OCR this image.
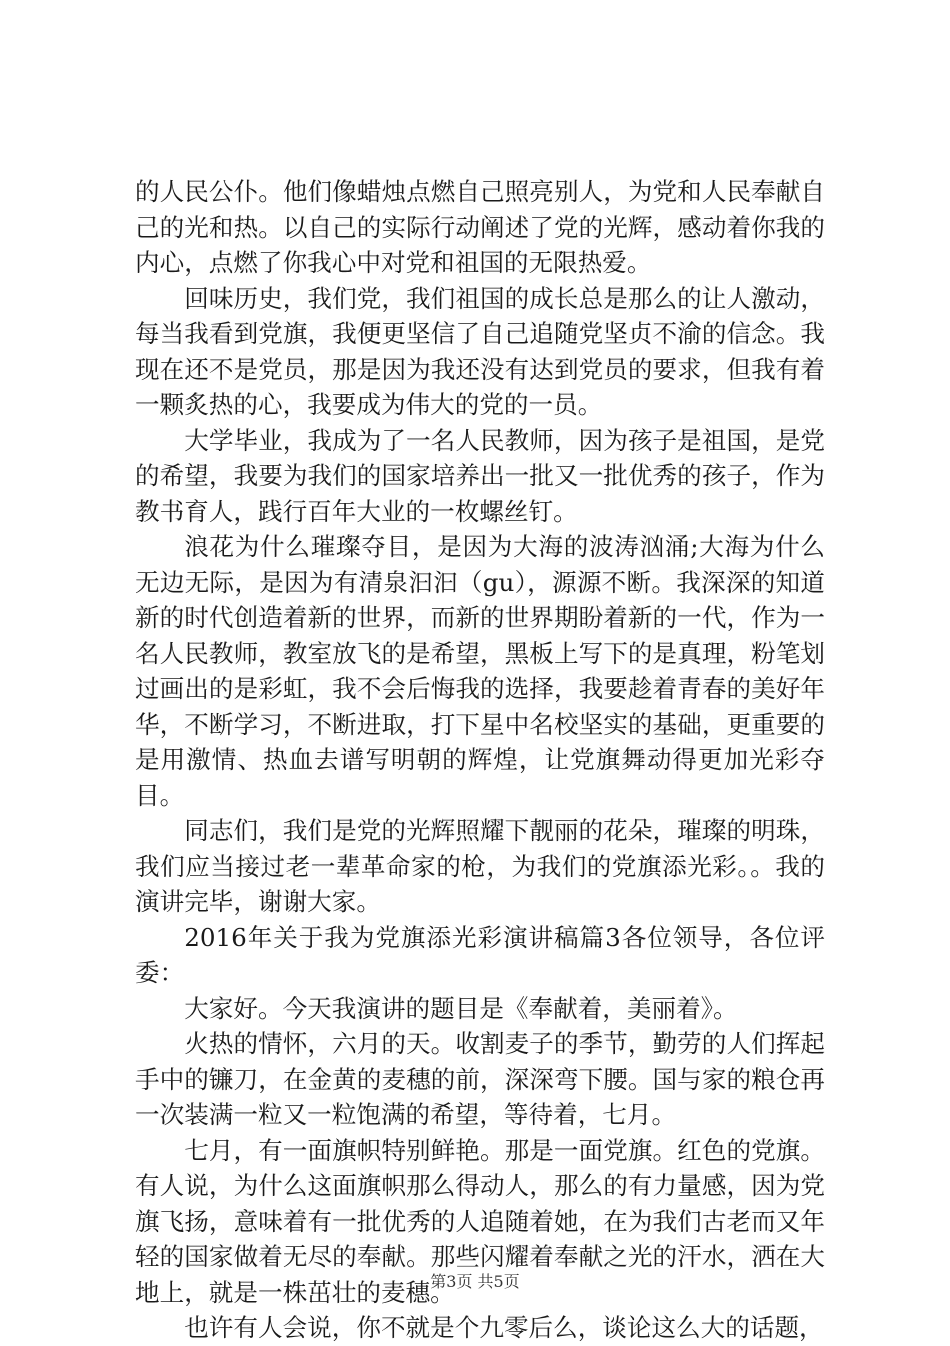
的人民公仆。他们像蜡烛点燃自己照亮别人，为党和人民奉献自己的光和热。以自己的实际行动阐述了党的光辉，感动着你我的内心，点燃了你我心中对党和祖国的无限热爱。

回味历史，我们党，我们祖国的成长总是那么的让人激动，每当我看到党旗，我便更坚信了自己追随党坚贞不渝的信念。我现在还不是党员，那是因为我还没有达到党员的要求，但我有着一颗炙热的心，我要成为伟大的党的一员。

大学毕业，我成为了一名人民教师，因为孩子是祖国，是党的希望，我要为我们的国家培养出一批又一批优秀的孩子，作为教书育人，践行百年大业的一枚螺丝钉。

浪花为什么璀璨夺目，是因为大海的波涛汹涌;大海为什么无边无际，是因为有清泉汩汩（gu），源源不断。我深深的知道新的时代创造着新的世界，而新的世界期盼着新的一代，作为一名人民教师，教室放飞的是希望，黑板上写下的是真理，粉笔划过画出的是彩虹，我不会后悔我的选择，我要趁着青春的美好年华，不断学习，不断进取，打下星中名校坚实的基础，更重要的是用激情、热血去谱写明朝的辉煌，让党旗舞动得更加光彩夺目。

同志们，我们是党的光辉照耀下靓丽的花朵，璀璨的明珠，我们应当接过老一辈革命家的枪，为我们的党旗添光彩。。我的演讲完毕，谢谢大家。

2016年关于我为党旗添光彩演讲稿篇3各位领导，各位评委：

大家好。今天我演讲的题目是《奉献着，美丽着》。

火热的情怀，六月的天。收割麦子的季节，勤劳的人们挥起手中的镰刀，在金黄的麦穗的前，深深弯下腰。国与家的粮仓再一次装满一粒又一粒饱满的希望，等待着，七月。

七月，有一面旗帜特别鲜艳。那是一面党旗。红色的党旗。有人说，为什么这面旗帜那么得动人，那么的有力量感，因为党旗飞扬，意味着有一批优秀的人追随着她，在为我们古老而又年轻的国家做着无尽的奉献。那些闪耀着奉献之光的汗水，洒在大地上，就是一株茁壮的麦穗。

也许有人会说，你不就是个九零后么，谈论这么大的话题，

第3页 共5页
